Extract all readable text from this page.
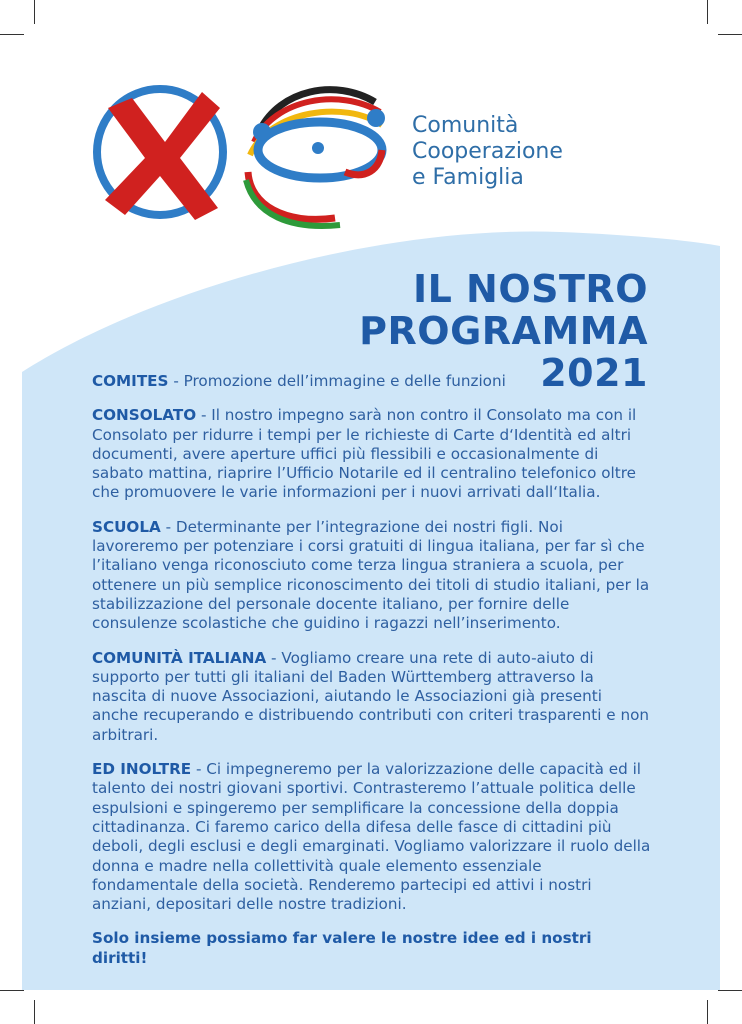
Comunità
Cooperazione
e Famiglia
IL NOSTRO
PROGRAMMA
2021

COMITES - Promozione dell’immagine e delle funzioni

CONSOLATO - Il nostro impegno sarà non contro il Consolato ma con il Consolato per ridurre i tempi per le richieste di Carte d‘Identità ed altri documenti, avere aperture uffici più flessibili e occasionalmente di sabato mattina, riaprire l’Ufficio Notarile ed il centralino telefonico oltre che promuovere le varie informazioni per i nuovi arrivati dall‘Italia.

SCUOLA - Determinante per l’integrazione dei nostri figli. Noi lavoreremo per potenziare i corsi gratuiti di lingua italiana, per far sì che l’italiano venga riconosciuto come terza lingua straniera a scuola, per ottenere un più semplice riconoscimento dei titoli di studio italiani, per la stabilizzazione del personale docente italiano, per fornire delle consulenze scolastiche che guidino i ragazzi nell’inserimento.

COMUNITÀ ITALIANA - Vogliamo creare una rete di auto-aiuto di supporto per tutti gli italiani del Baden Württemberg attraverso la nascita di nuove Associazioni, aiutando le Associazioni già presenti anche recuperando e distribuendo contributi con criteri trasparenti e non arbitrari.

ED INOLTRE - Ci impegneremo per la valorizzazione delle capacità ed il talento dei nostri giovani sportivi. Contrasteremo l’attuale politica delle espulsioni e spingeremo per semplificare la concessione della doppia cittadinanza. Ci faremo carico della difesa delle fasce di cittadini più deboli, degli esclusi e degli emarginati. Vogliamo valorizzare il ruolo della donna e madre nella collettività quale elemento essenziale fondamentale della società. Renderemo partecipi ed attivi i nostri anziani, depositari delle nostre tradizioni.

Solo insieme possiamo far valere le nostre idee ed i nostri diritti!
